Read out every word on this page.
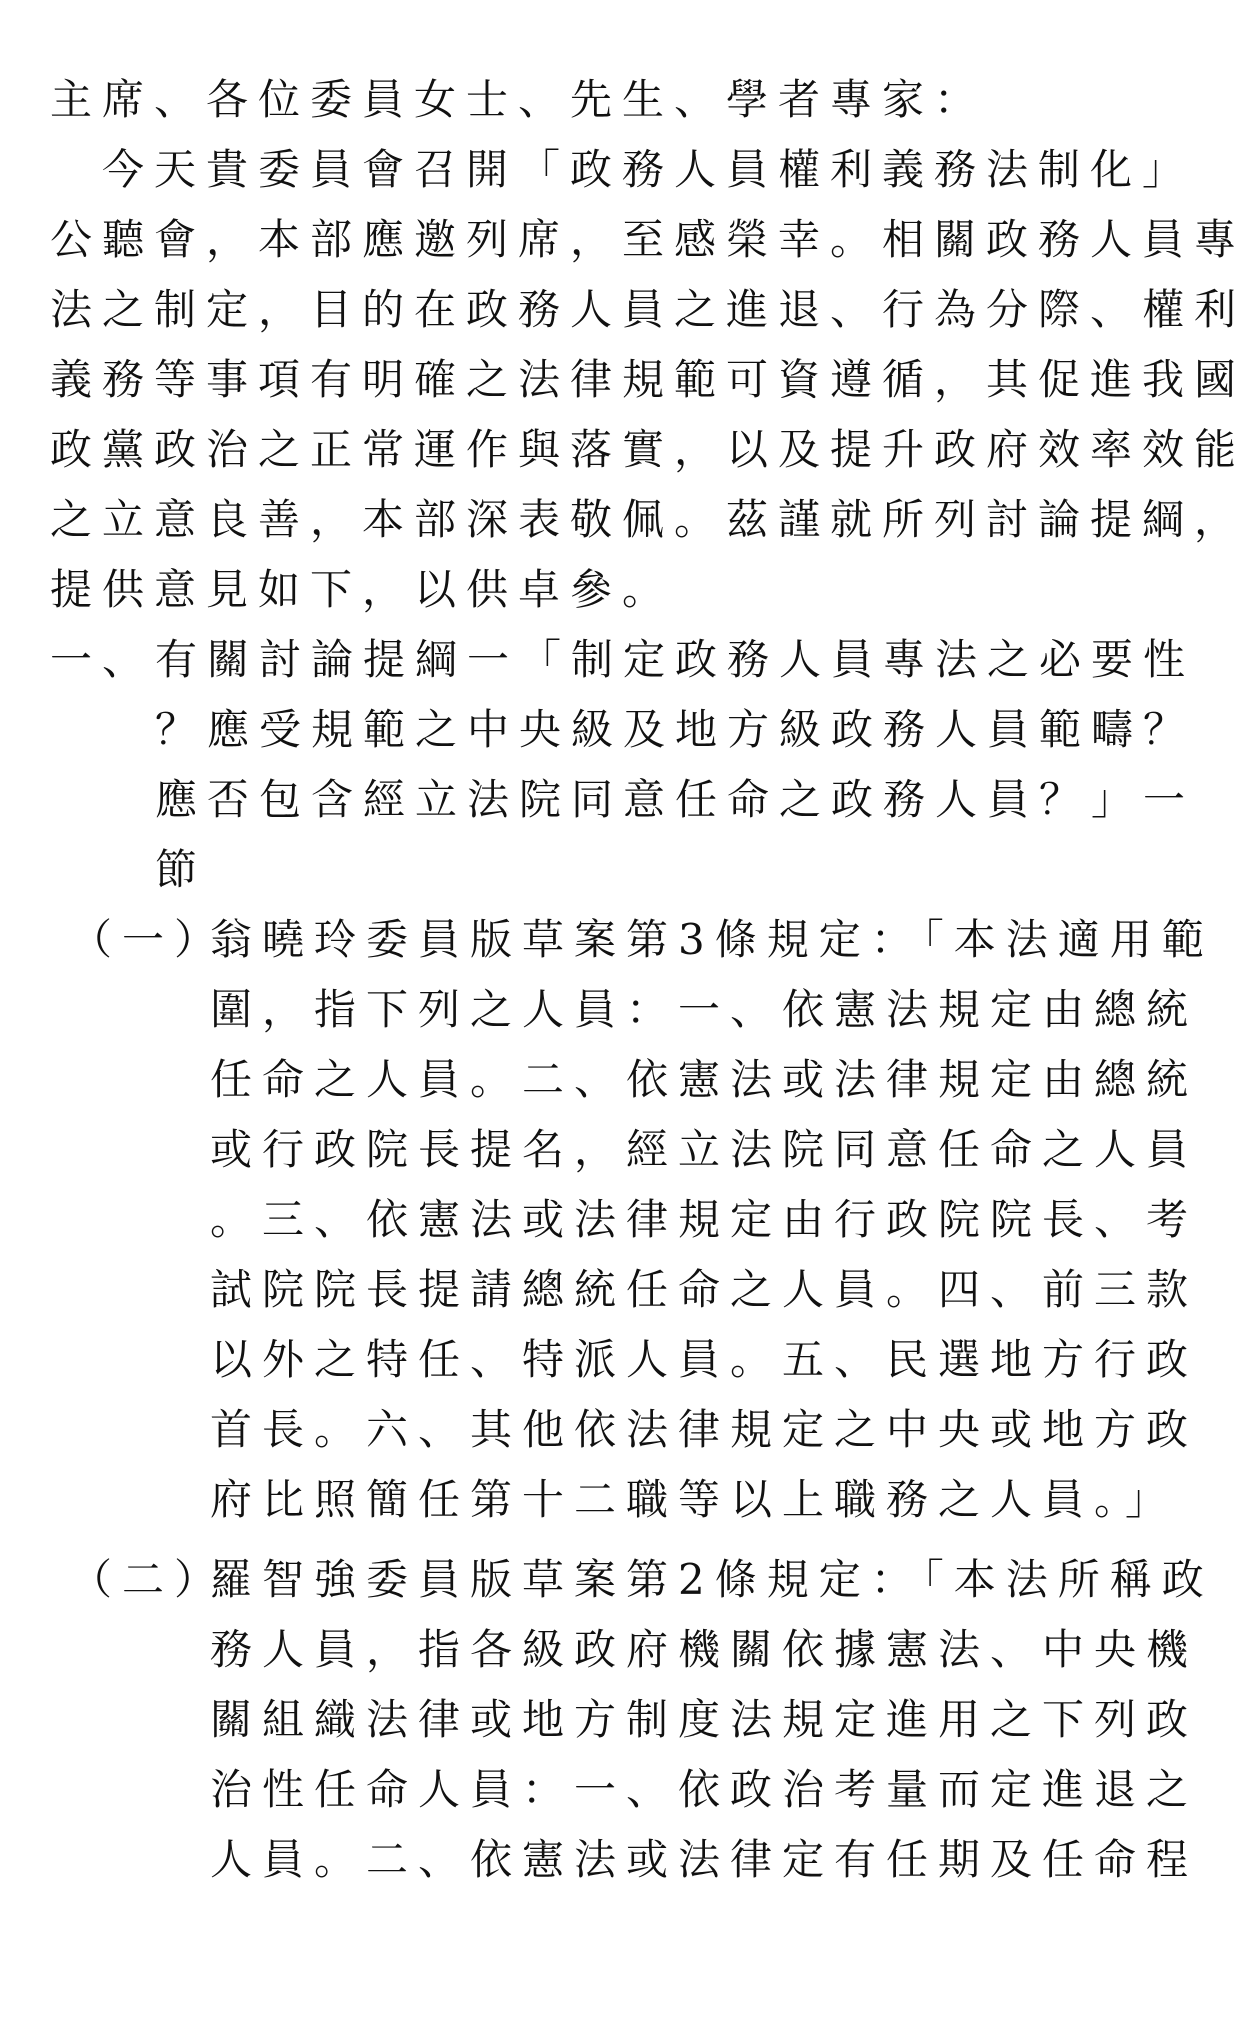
主席、各位委員女士、先生、學者專家：
　今天貴委員會召開「政務人員權利義務法制化」
公聽會，本部應邀列席，至感榮幸。相關政務人員專
法之制定，目的在政務人員之進退、行為分際、權利
義務等事項有明確之法律規範可資遵循，其促進我國
政黨政治之正常運作與落實，以及提升政府效率效能
之立意良善，本部深表敬佩。茲謹就所列討論提綱，
提供意見如下，以供卓參。
一、 有關討論提綱一「制定政務人員專法之必要性
？應受規範之中央級及地方級政務人員範疇？
應否包含經立法院同意任命之政務人員？」一
節
（一）
翁曉玲委員版草案第3條規定：「本法適用範
圍，指下列之人員：一、依憲法規定由總統
任命之人員。二、依憲法或法律規定由總統
或行政院長提名，經立法院同意任命之人員
。三、依憲法或法律規定由行政院院長、考
試院院長提請總統任命之人員。四、前三款
以外之特任、特派人員。五、民選地方行政
首長。六、其他依法律規定之中央或地方政
府比照簡任第十二職等以上職務之人員。」
（二）
羅智強委員版草案第2條規定：「本法所稱政
務人員，指各級政府機關依據憲法、中央機
關組織法律或地方制度法規定進用之下列政
治性任命人員：一、依政治考量而定進退之
人員。二、依憲法或法律定有任期及任命程
